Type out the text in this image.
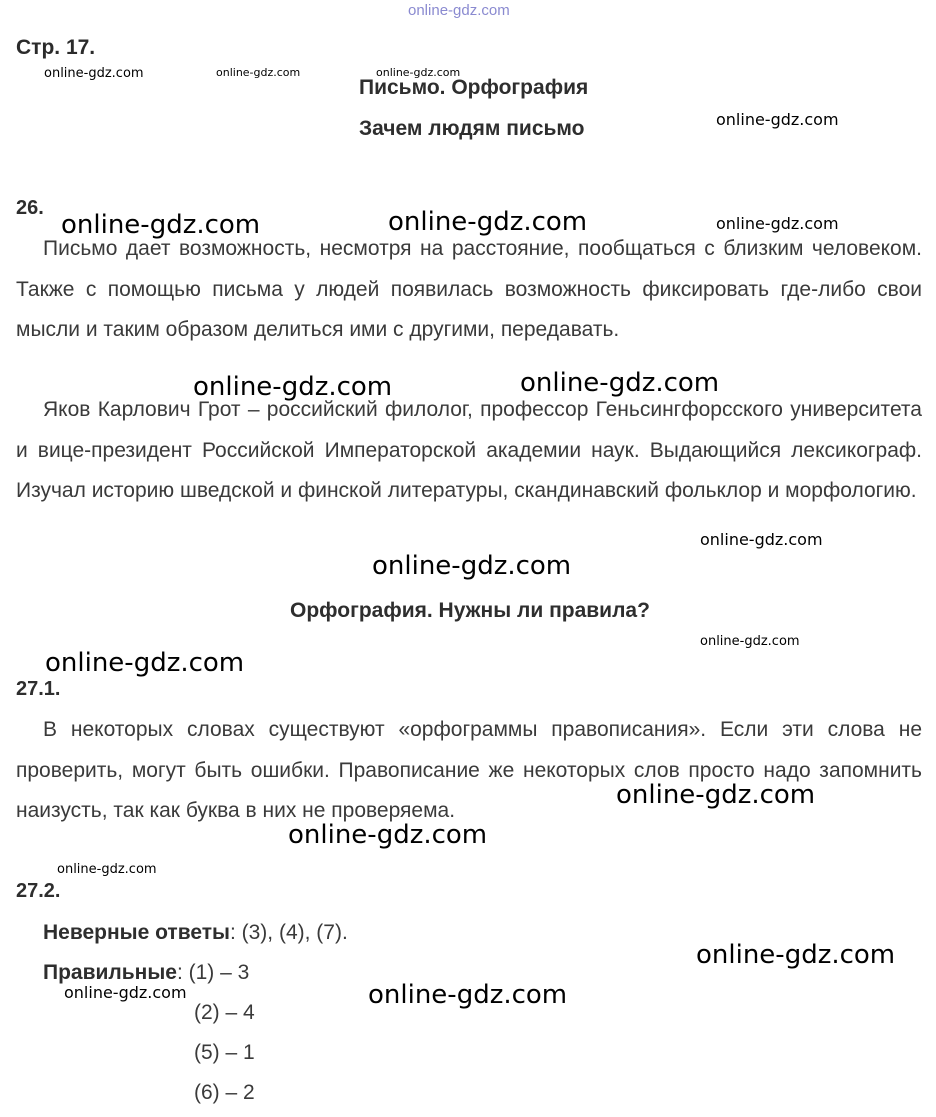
online-gdz.com
Стр. 17.
Письмо. Орфография
Зачем людям письмо
26.
Письмо дает возможность, несмотря на расстояние, пообщаться с близким человеком. Также с помощью письма у людей появилась возможность фиксировать где-либо свои мысли и таким образом делиться ими с другими, передавать.
Яков Карлович Грот – российский филолог, профессор Геньсингфорсского университета и вице-президент Российской Императорской академии наук. Выдающийся лексикограф. Изучал историю шведской и финской литературы, скандинавский фольклор и морфологию.
Орфография. Нужны ли правила?
27.1.
В некоторых словах существуют «орфограммы правописания». Если эти слова не проверить, могут быть ошибки. Правописание же некоторых слов просто надо запомнить наизусть, так как буква в них не проверяема.
27.2.
Неверные ответы: (3), (4), (7).
Правильные: (1) – 3
(2) – 4
(5) – 1
(6) – 2
online-gdz.com	online-gdz.com	online-gdz.com
online-gdz.com
online-gdz.com	online-gdz.com	online-gdz.com
online-gdz.com	online-gdz.com
online-gdz.com
online-gdz.com
online-gdz.com
online-gdz.com
online-gdz.com
online-gdz.com
online-gdz.com
online-gdz.com
online-gdz.com	online-gdz.com
